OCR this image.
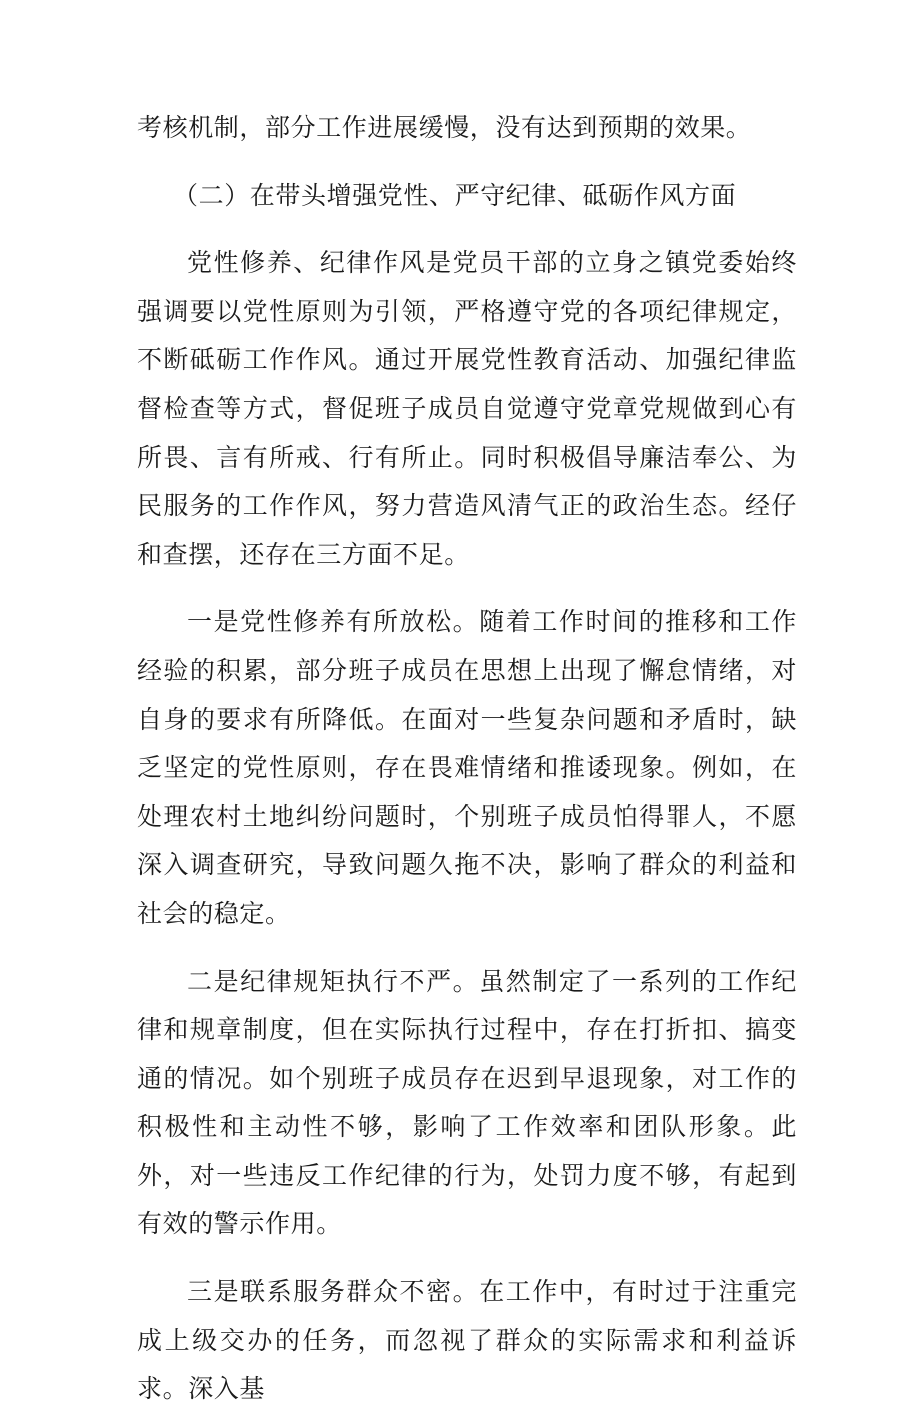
考核机制，部分工作进展缓慢，没有达到预期的效果。

（二）在带头增强党性、严守纪律、砥砺作风方面

党性修养、纪律作风是党员干部的立身之镇党委始终强调要以党性原则为引领，严格遵守党的各项纪律规定，不断砥砺工作作风。通过开展党性教育活动、加强纪律监督检查等方式，督促班子成员自觉遵守党章党规做到心有所畏、言有所戒、行有所止。同时积极倡导廉洁奉公、为民服务的工作作风，努力营造风清气正的政治生态。经仔和查摆，还存在三方面不足。

一是党性修养有所放松。随着工作时间的推移和工作经验的积累，部分班子成员在思想上出现了懈怠情绪，对自身的要求有所降低。在面对一些复杂问题和矛盾时，缺乏坚定的党性原则，存在畏难情绪和推诿现象。例如，在处理农村土地纠纷问题时，个别班子成员怕得罪人，不愿深入调查研究，导致问题久拖不决，影响了群众的利益和社会的稳定。

二是纪律规矩执行不严。虽然制定了一系列的工作纪律和规章制度，但在实际执行过程中，存在打折扣、搞变通的情况。如个别班子成员存在迟到早退现象，对工作的积极性和主动性不够，影响了工作效率和团队形象。此外，对一些违反工作纪律的行为，处罚力度不够，有起到有效的警示作用。

三是联系服务群众不密。在工作中，有时过于注重完成上级交办的任务，而忽视了群众的实际需求和利益诉求。深入基
